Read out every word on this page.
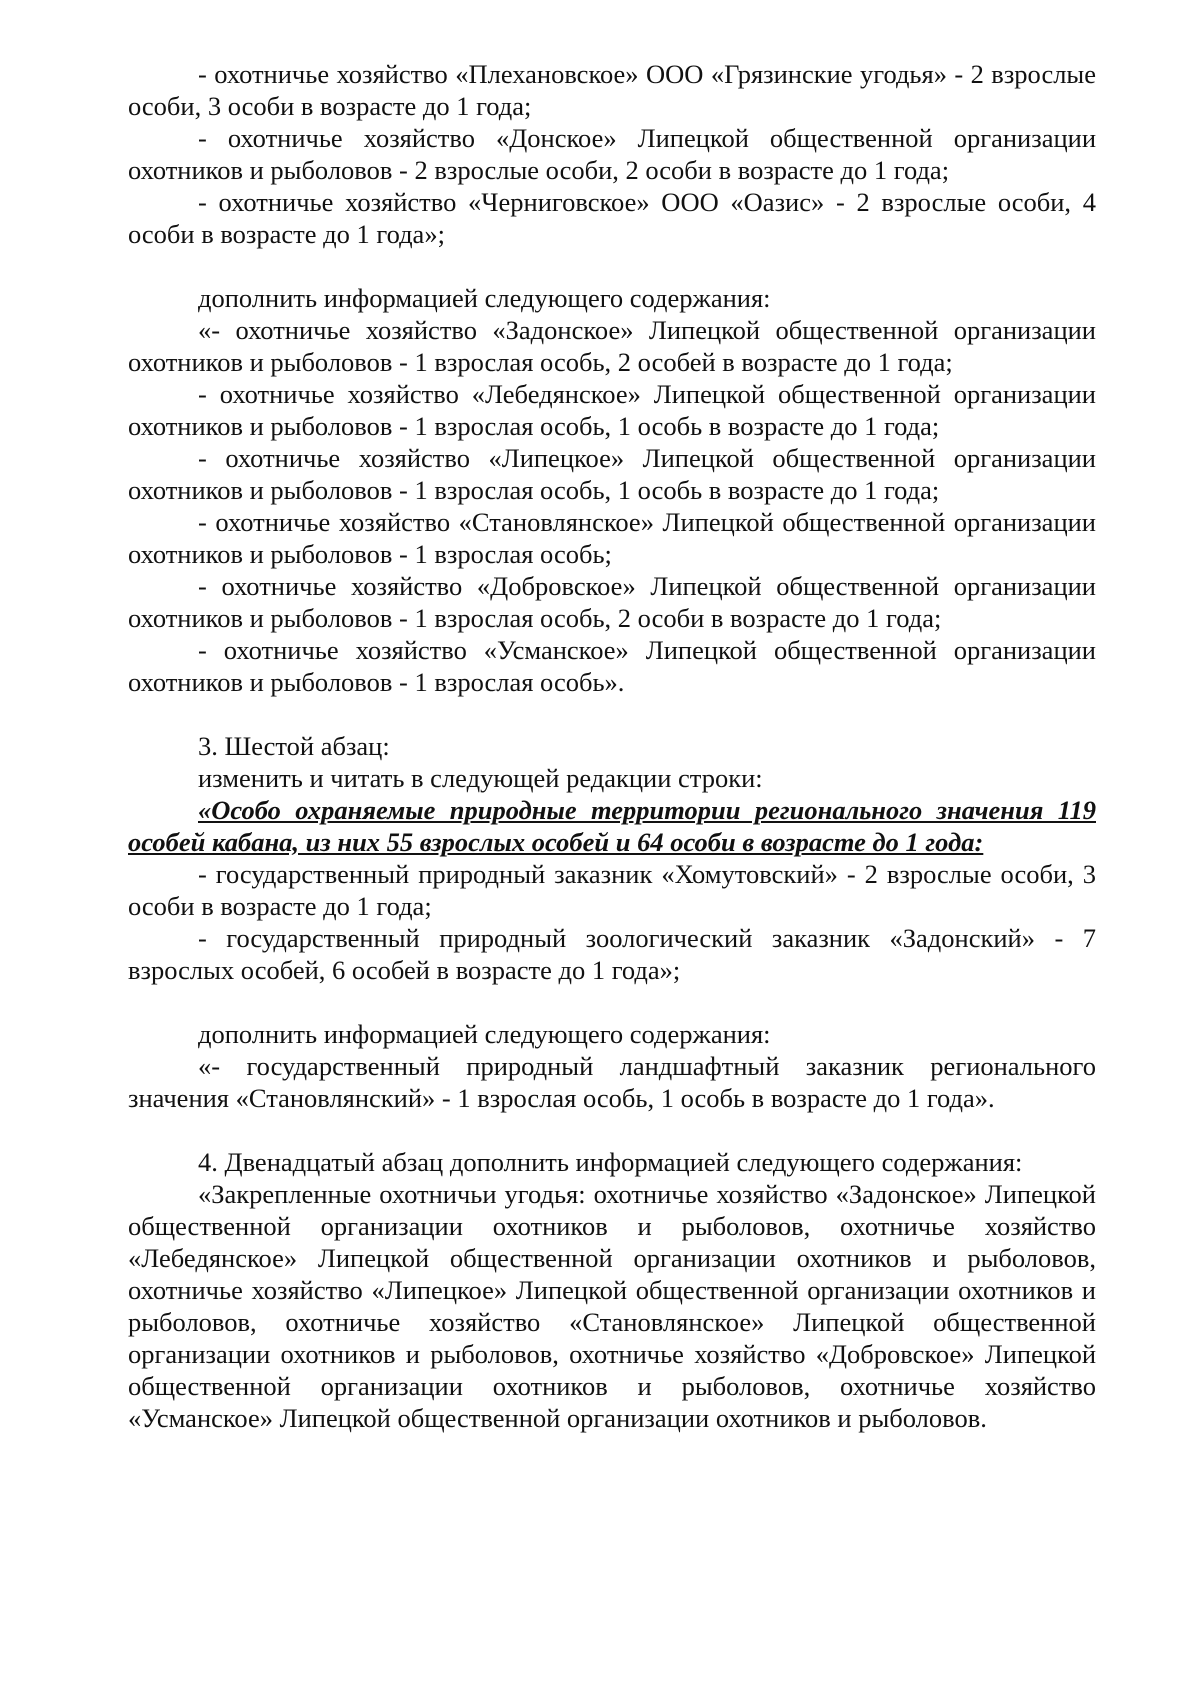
- охотничье хозяйство «Плехановское» ООО «Грязинские угодья» - 2 взрослые особи, 3 особи в возрасте до 1 года;

- охотничье хозяйство «Донское» Липецкой общественной организации охотников и рыболовов - 2 взрослые особи, 2 особи в возрасте до 1 года;

- охотничье хозяйство «Черниговское» ООО «Оазис» - 2 взрослые особи, 4 особи в возрасте до 1 года»;

дополнить информацией следующего содержания:

«- охотничье хозяйство «Задонское» Липецкой общественной организации охотников и рыболовов - 1 взрослая особь, 2 особей в возрасте до 1 года;

- охотничье хозяйство «Лебедянское» Липецкой общественной организации охотников и рыболовов - 1 взрослая особь, 1 особь в возрасте до 1 года;

- охотничье хозяйство «Липецкое» Липецкой общественной организации охотников и рыболовов - 1 взрослая особь, 1 особь в возрасте до 1 года;

- охотничье хозяйство «Становлянское» Липецкой общественной организации охотников и рыболовов - 1 взрослая особь;

- охотничье хозяйство «Добровское» Липецкой общественной организации охотников и рыболовов - 1 взрослая особь, 2 особи в возрасте до 1 года;

- охотничье хозяйство «Усманское» Липецкой общественной организации охотников и рыболовов - 1 взрослая особь».

3. Шестой абзац:

изменить и читать в следующей редакции строки:

«Особо охраняемые природные территории регионального значения 119 особей кабана, из них 55 взрослых особей и 64 особи в возрасте до 1 года:

- государственный природный заказник «Хомутовский» - 2 взрослые особи, 3 особи в возрасте до 1 года;

- государственный природный зоологический заказник «Задонский» - 7 взрослых особей, 6 особей в возрасте до 1 года»;

дополнить информацией следующего содержания:

«- государственный природный ландшафтный заказник регионального значения «Становлянский» - 1 взрослая особь, 1 особь в возрасте до 1 года».

4. Двенадцатый абзац дополнить информацией следующего содержания:

«Закрепленные охотничьи угодья: охотничье хозяйство «Задонское» Липецкой общественной организации охотников и рыболовов, охотничье хозяйство «Лебедянское» Липецкой общественной организации охотников и рыболовов, охотничье хозяйство «Липецкое» Липецкой общественной организации охотников и рыболовов, охотничье хозяйство «Становлянское» Липецкой общественной организации охотников и рыболовов, охотничье хозяйство «Добровское» Липецкой общественной организации охотников и рыболовов, охотничье хозяйство «Усманское» Липецкой общественной организации охотников и рыболовов.
